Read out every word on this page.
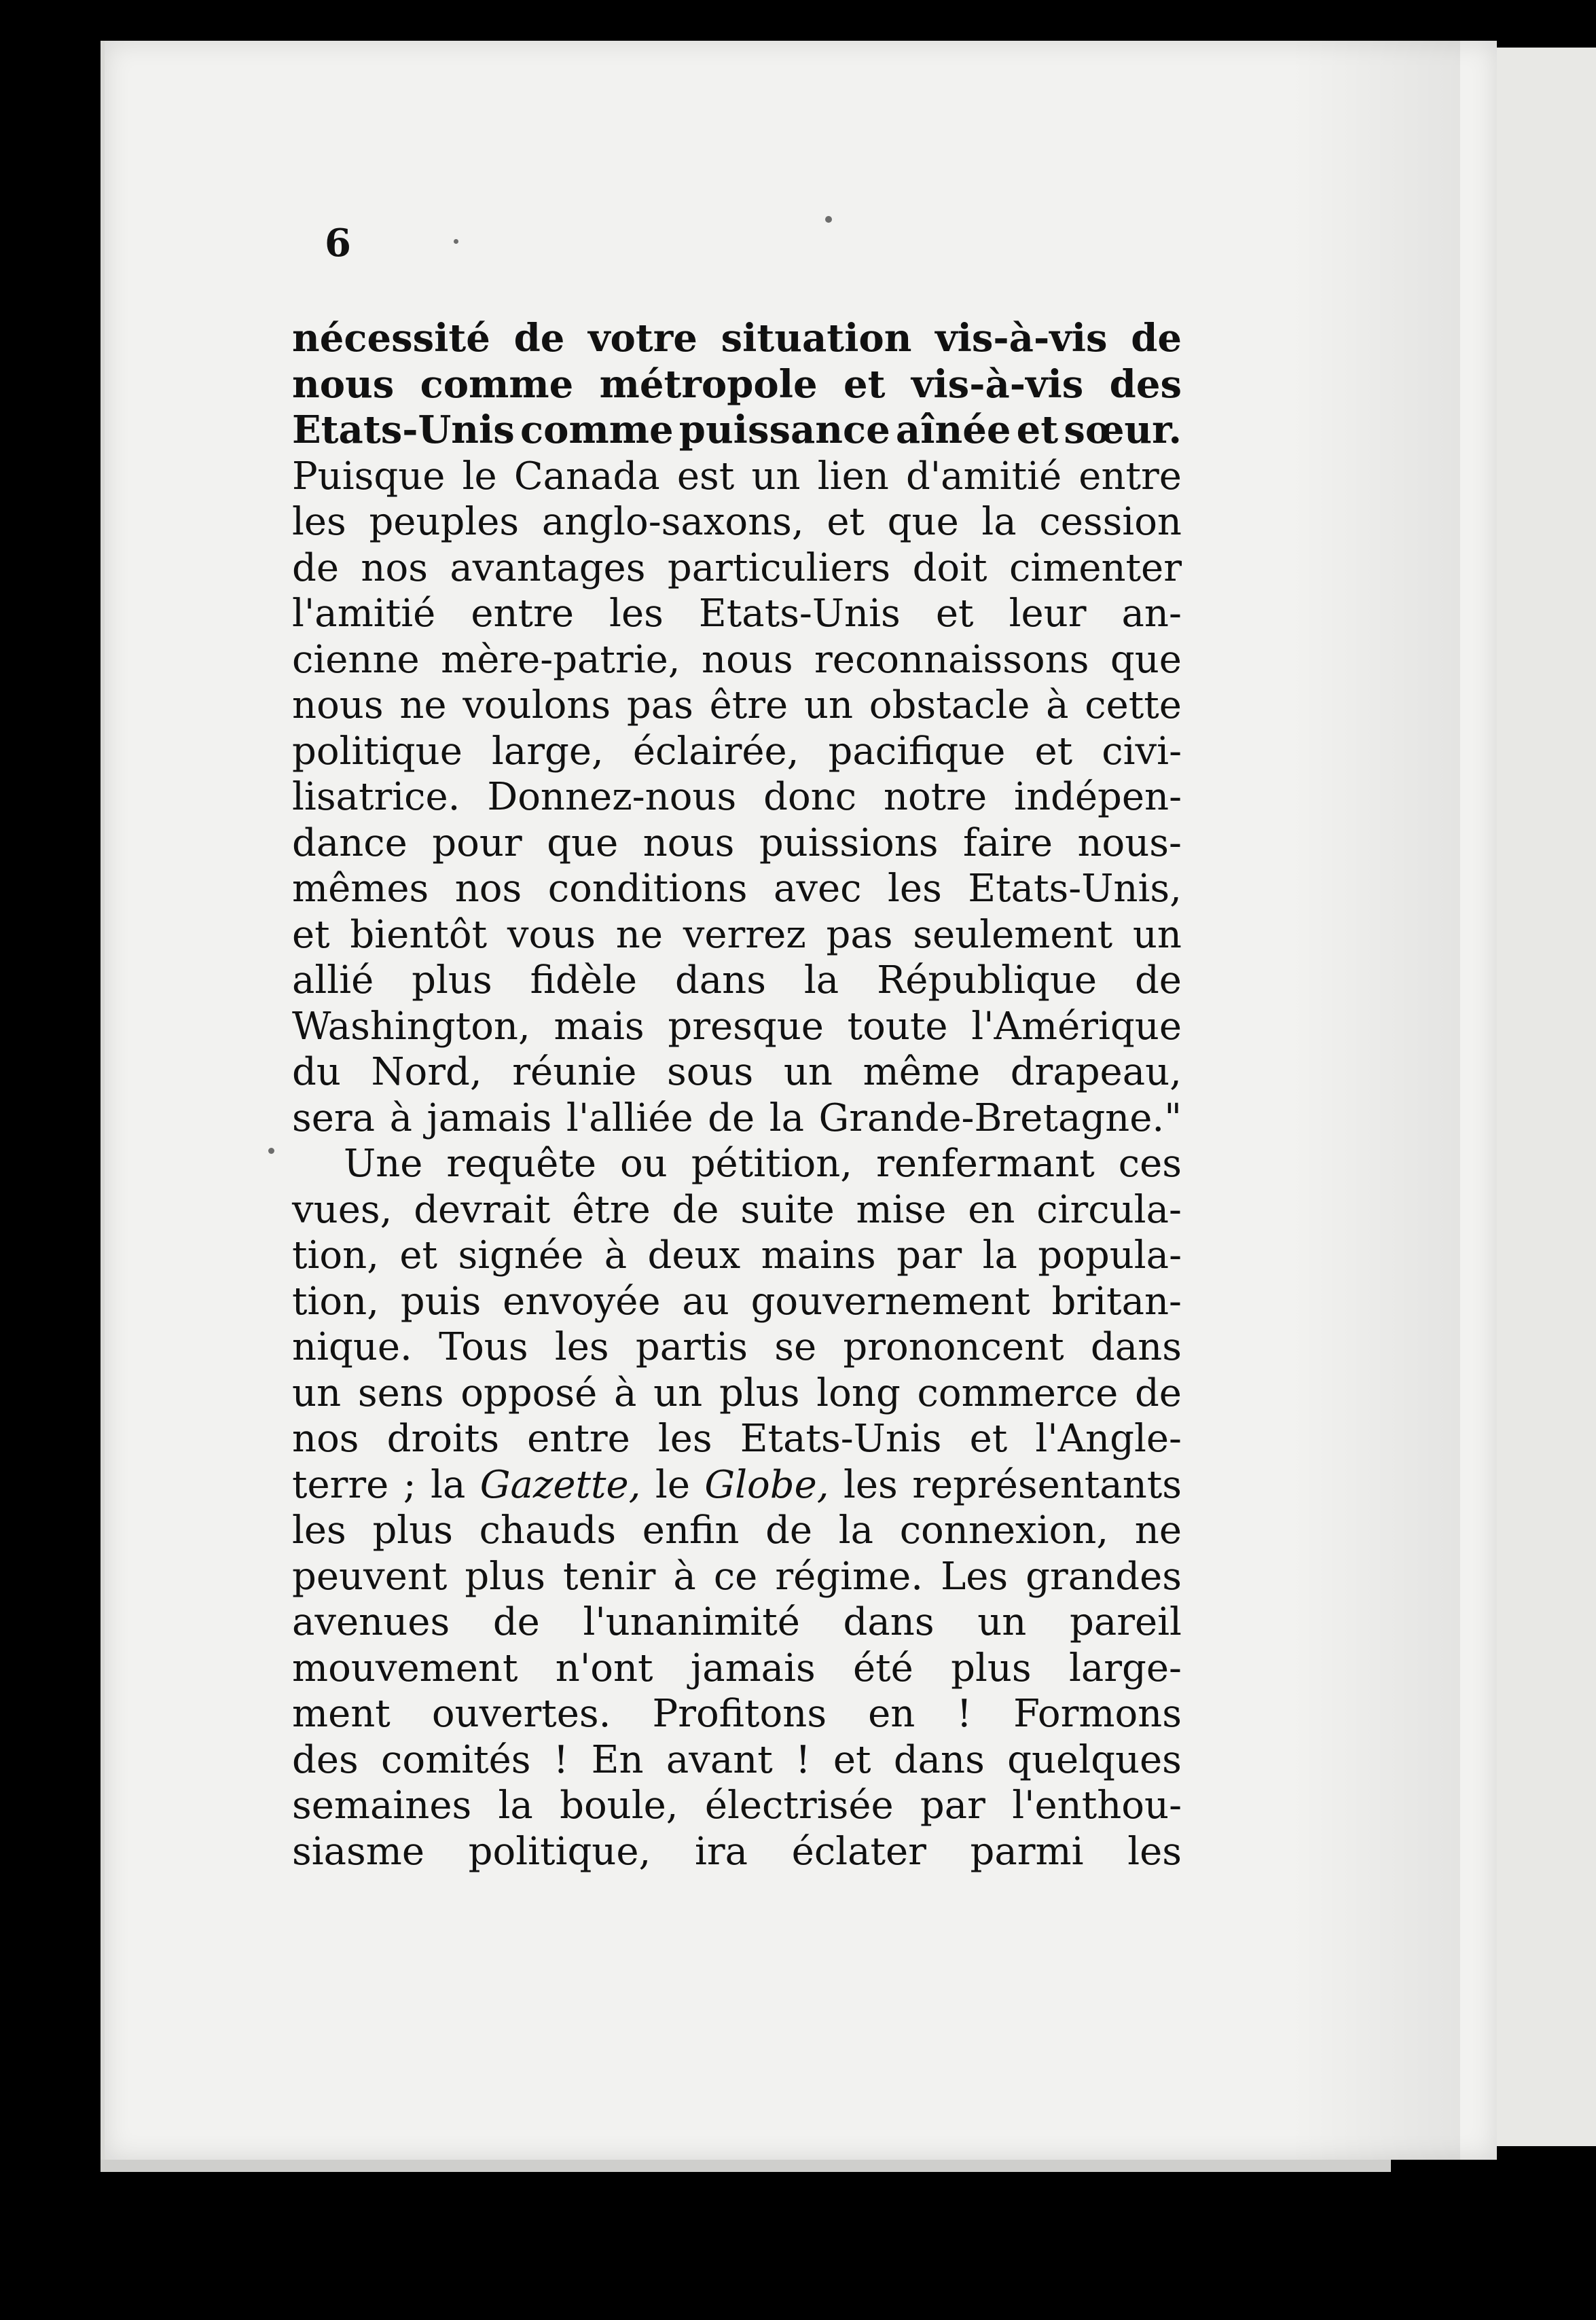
6
nécessité de votre situation vis-à-vis de
nous comme métropole et vis-à-vis des
Etats-Unis comme puissance aînée et sœur.
Puisque le Canada est un lien d'amitié entre
les peuples anglo-saxons, et que la cession
de nos avantages particuliers doit cimenter
l'amitié entre les Etats-Unis et leur an-
cienne mère-patrie, nous reconnaissons que
nous ne voulons pas être un obstacle à cette
politique large, éclairée, pacifique et civi-
lisatrice. Donnez-nous donc notre indépen-
dance pour que nous puissions faire nous-
mêmes nos conditions avec les Etats-Unis,
et bientôt vous ne verrez pas seulement un
allié plus fidèle dans la République de
Washington, mais presque toute l'Amérique
du Nord, réunie sous un même drapeau,
sera à jamais l'alliée de la Grande-Bretagne."
Une requête ou pétition, renfermant ces
vues, devrait être de suite mise en circula-
tion, et signée à deux mains par la popula-
tion, puis envoyée au gouvernement britan-
nique. Tous les partis se prononcent dans
un sens opposé à un plus long commerce de
nos droits entre les Etats-Unis et l'Angle-
terre ; la Gazette, le Globe, les représentants
les plus chauds enfin de la connexion, ne
peuvent plus tenir à ce régime. Les grandes
avenues de l'unanimité dans un pareil
mouvement n'ont jamais été plus large-
ment ouvertes. Profitons en ! Formons
des comités ! En avant ! et dans quelques
semaines la boule, électrisée par l'enthou-
siasme politique, ira éclater parmi les
